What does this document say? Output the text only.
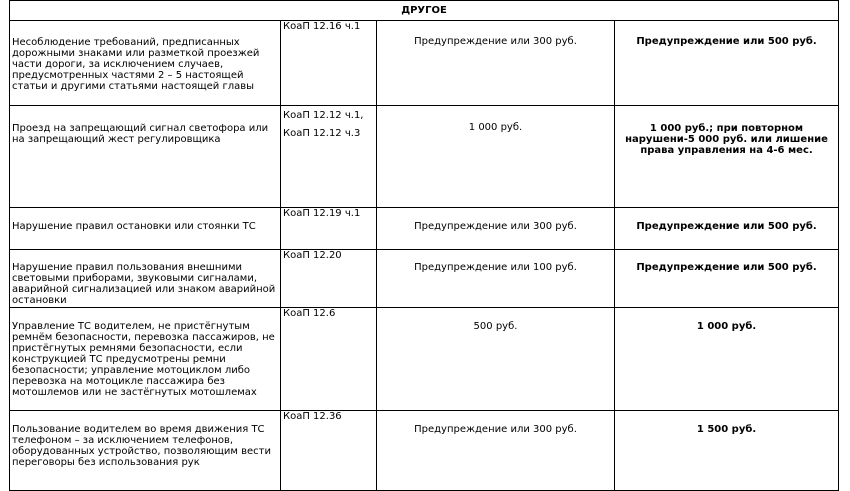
ДРУГОЕ			

Несоблюдение требований, предписанных дорожными знаками или разметкой проезжей части дороги, за исключением случаев, предусмотренных частями 2 – 5 настоящей статьи и другими статьями настоящей главы	КоаП 12.16 ч.1	Предупреждение или 300 руб.	Предупреждение или 500 руб.

Проезд на запрещающий сигнал светофора или на запрещающий жест регулировщика	КоаП 12.12 ч.1,
КоаП 12.12 ч.3	1 000 руб.	1 000 руб.; при повторном нарушени-5 000 руб. или лишение права управления на 4-6 мес.

Нарушение правил остановки или стоянки ТС	КоаП 12.19 ч.1	Предупреждение или 300 руб.	Предупреждение или 500 руб.

Нарушение правил пользования внешними световыми приборами, звуковыми сигналами, аварийной сигнализацией или знаком аварийной остановки	КоаП 12.20	Предупреждение или 100 руб.	Предупреждение или 500 руб.

Управление ТС водителем, не пристёгнутым ремнём безопасности, перевозка пассажиров, не пристёгнутых ремнями безопасности, если конструкцией ТС предусмотрены ремни безопасности; управление мотоциклом либо перевозка на мотоцикле пассажира без мотошлемов или не застёгнутых мотошлемах	КоаП 12.6	500 руб.	1 000 руб.

Пользование водителем во время движения ТС телефоном – за исключением телефонов, оборудованных устройство, позволяющим вести переговоры без использования рук	КоаП 12.36	Предупреждение или 300 руб.	1 500 руб.
